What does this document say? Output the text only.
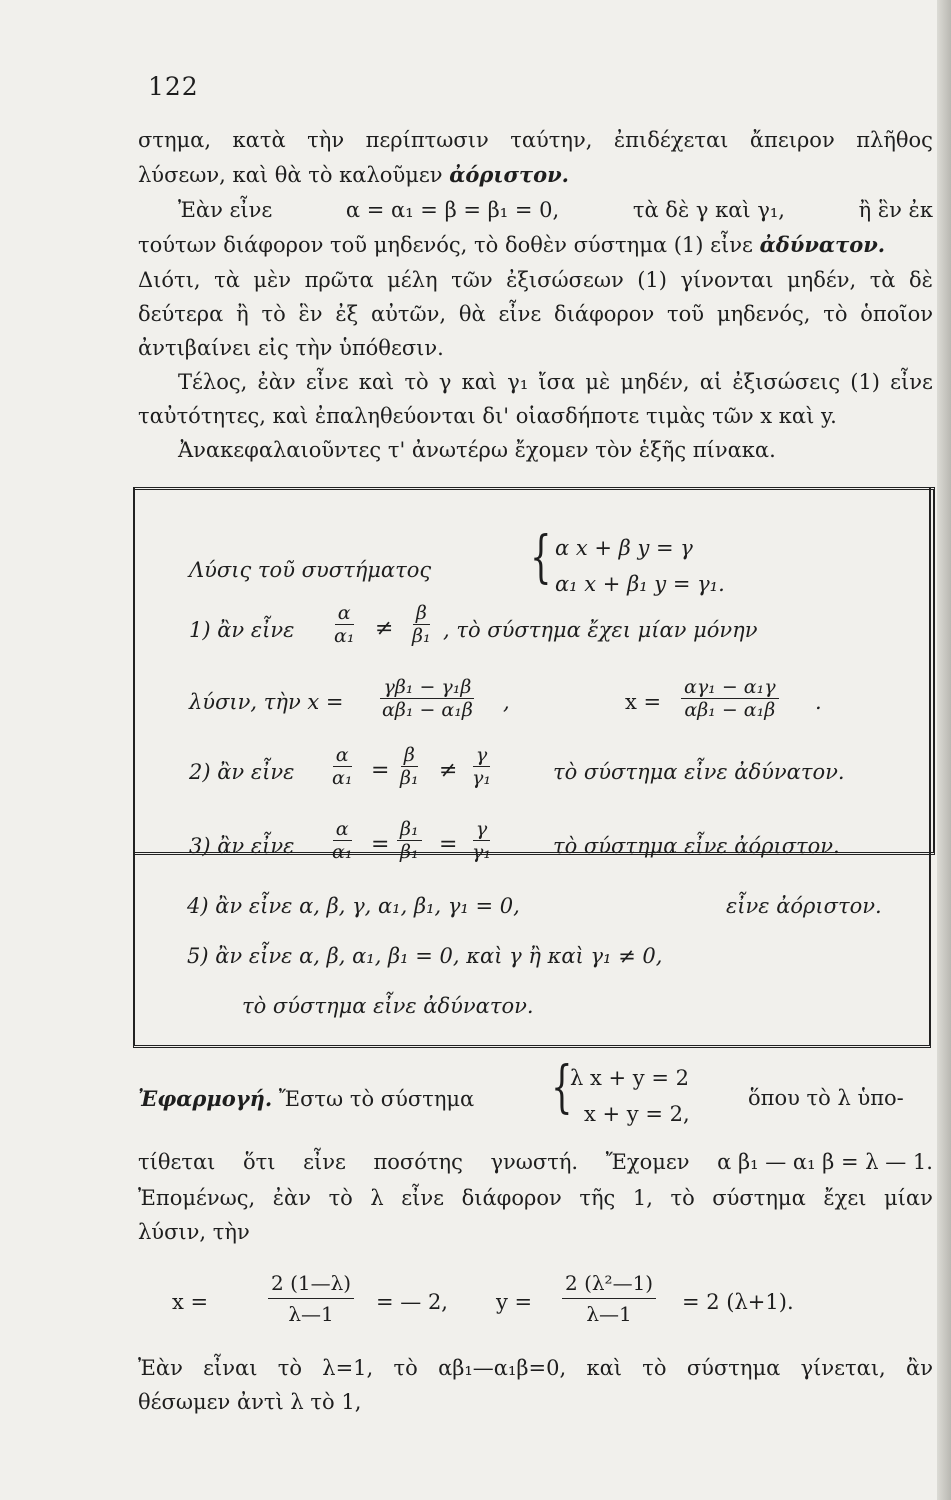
122
στημα, κατὰ τὴν περίπτωσιν ταύτην, ἐπιδέχεται ἄπειρον πλῆθος
λύσεων, καὶ θὰ τὸ καλοῦμεν ἀόριστον.
Ἐὰν εἶνε	α = α₁ = β = β₁ = 0,	τὰ δὲ γ καὶ γ₁,	ἢ ἓν ἐκ
τούτων διάφορον τοῦ μηδενός, τὸ δοθὲν σύστημα (1) εἶνε ἀδύνατον.
Διότι, τὰ μὲν πρῶτα μέλη τῶν ἐξισώσεων (1) γίνονται μηδέν, τὰ δὲ
δεύτερα ἢ τὸ ἓν ἐξ αὐτῶν, θὰ εἶνε διάφορον τοῦ μηδενός, τὸ ὁποῖον
ἀντιβαίνει εἰς τὴν ὑπόθεσιν.
Τέλος, ἐὰν εἶνε καὶ τὸ γ καὶ γ₁ ἴσα μὲ μηδέν, αἱ ἐξισώσεις (1) εἶνε
ταὐτότητες, καὶ ἐπαληθεύονται δι' οἱασδήποτε τιμὰς τῶν x καὶ y.
Ἀνακεφαλαιοῦντες τ' ἀνωτέρω ἔχομεν τὸν ἑξῆς πίνακα.
Λύσις τοῦ συστήματος { α x + β y = γ
α₁ x + β₁ y = γ₁.
1) ἂν εἶνε $\frac{\alpha}{\text{α₁}} \ne \frac{\beta}{\text{β₁}}$ , τὸ σύστημα ἔχει μίαν μόνην
λύσιν, τὴν $x = \frac{\text{γβ₁ − γ₁β}}{\text{αβ₁ − α₁β}}$ ,	$x = \frac{\text{αγ₁ − α₁γ}}{\text{αβ₁ − α₁β}}$ .
2) ἂν εἶνε $\frac{\alpha}{\text{α₁}} = \frac{\beta}{\text{β₁}} \ne \frac{\gamma}{\text{γ₁}}$	τὸ σύστημα εἶνε ἀδύνατον.
3) ἂν εἶνε $\frac{\alpha}{\text{α₁}} = \frac{\text{β₁}}{\text{β₁}} = \frac{\gamma}{\text{γ₁}}$	τὸ σύστημα εἶνε ἀόριστον.
4) ἂν εἶνε α, β, γ, α₁, β₁, γ₁ = 0,	εἶνε ἀόριστον.
5) ἂν εἶνε α, β, α₁, β₁ = 0, καὶ γ ἢ καὶ γ₁ ≠ 0,
τὸ σύστημα εἶνε ἀδύνατον.
Ἐφαρμογή. Ἔστω τὸ σύστημα {
λ x + y = 2
x + y = 2,
ὅπου τὸ λ ὑπο-
τίθεται ὅτι εἶνε ποσότης γνωστή. Ἔχομεν α β₁ — α₁ β = λ — 1.
Ἐπομένως, ἐὰν τὸ λ εἶνε διάφορον τῆς 1, τὸ σύστημα ἔχει μίαν
λύσιν, τὴν
x =	$\frac{2 (1—\lambda)}{\lambda—1}$ = — 2, $y = \frac{\text{2 (λ²—1)}}{\lambda—1} = 2$ (λ+1).
Ἐὰν εἶναι τὸ λ=1, τὸ αβ₁—α₁β=0, καὶ τὸ σύστημα γίνεται, ἂν
θέσωμεν ἀντὶ λ τὸ 1,
